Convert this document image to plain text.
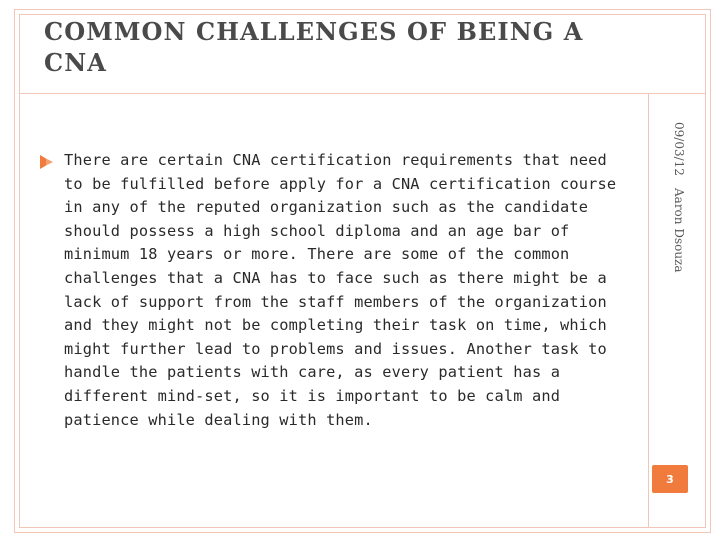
COMMON CHALLENGES OF BEING A CNA
09/03/12
Aaron Dsouza

There are certain CNA certification requirements that need to be fulfilled before apply for a CNA certification course in any of the reputed organization such as the candidate should possess a high school diploma and an age bar of minimum 18 years or more. There are some of the common challenges that a CNA has to face such as there might be a lack of support from the staff members of the organization and they might not be completing their task on time, which might further lead to problems and issues. Another task to handle the patients with care, as every patient has a different mind-set, so it is important to be calm and patience while dealing with them.

3
